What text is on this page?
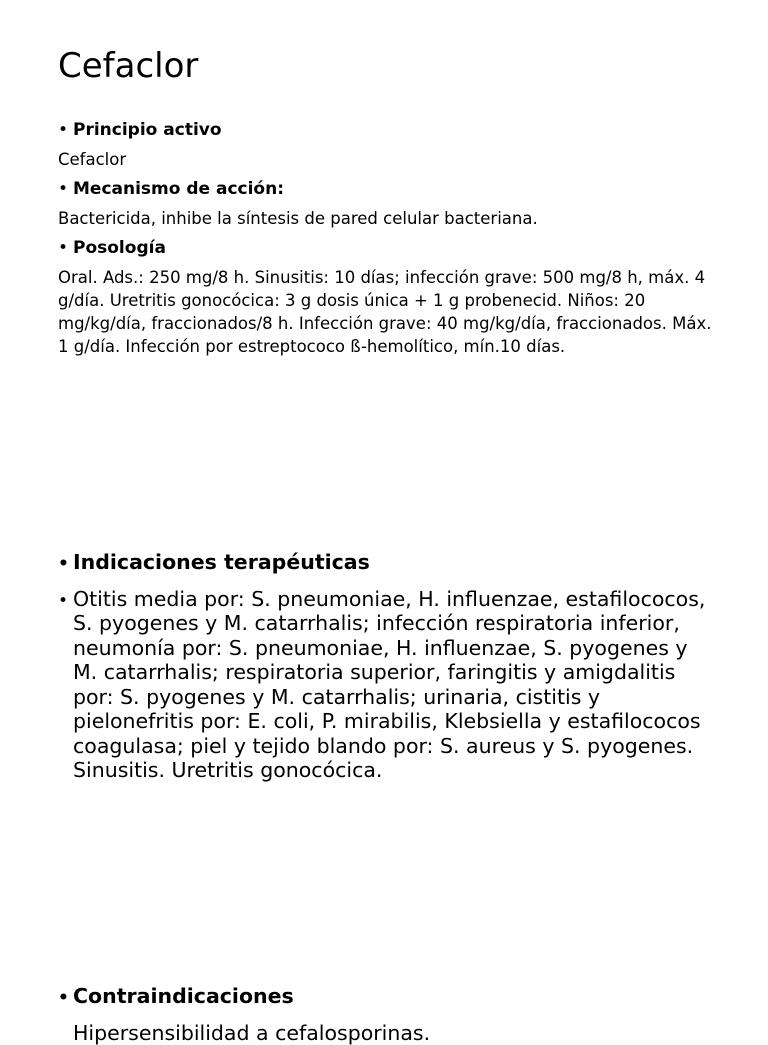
Cefaclor
• Principio activo
Cefaclor
• Mecanismo de acción:
Bactericida, inhibe la síntesis de pared celular bacteriana.
• Posología
Oral. Ads.: 250 mg/8 h. Sinusitis: 10 días; infección grave: 500 mg/8 h, máx. 4 g/día. Uretritis gonocócica: 3 g dosis única + 1 g probenecid. Niños: 20 mg/kg/día, fraccionados/8 h. Infección grave: 40 mg/kg/día, fraccionados. Máx. 1 g/día. Infección por estreptococo ß-hemolítico, mín.10 días.
• Indicaciones terapéuticas
• Otitis media por: S. pneumoniae, H. influenzae, estafilococos, S. pyogenes y M. catarrhalis; infección respiratoria inferior, neumonía por: S. pneumoniae, H. influenzae, S. pyogenes y M. catarrhalis; respiratoria superior, faringitis y amigdalitis por: S. pyogenes y M. catarrhalis; urinaria, cistitis y pielonefritis por: E. coli, P. mirabilis, Klebsiella y estafilococos coagulasa; piel y tejido blando por: S. aureus y S. pyogenes. Sinusitis. Uretritis gonocócica.
• Contraindicaciones
Hipersensibilidad a cefalosporinas.
